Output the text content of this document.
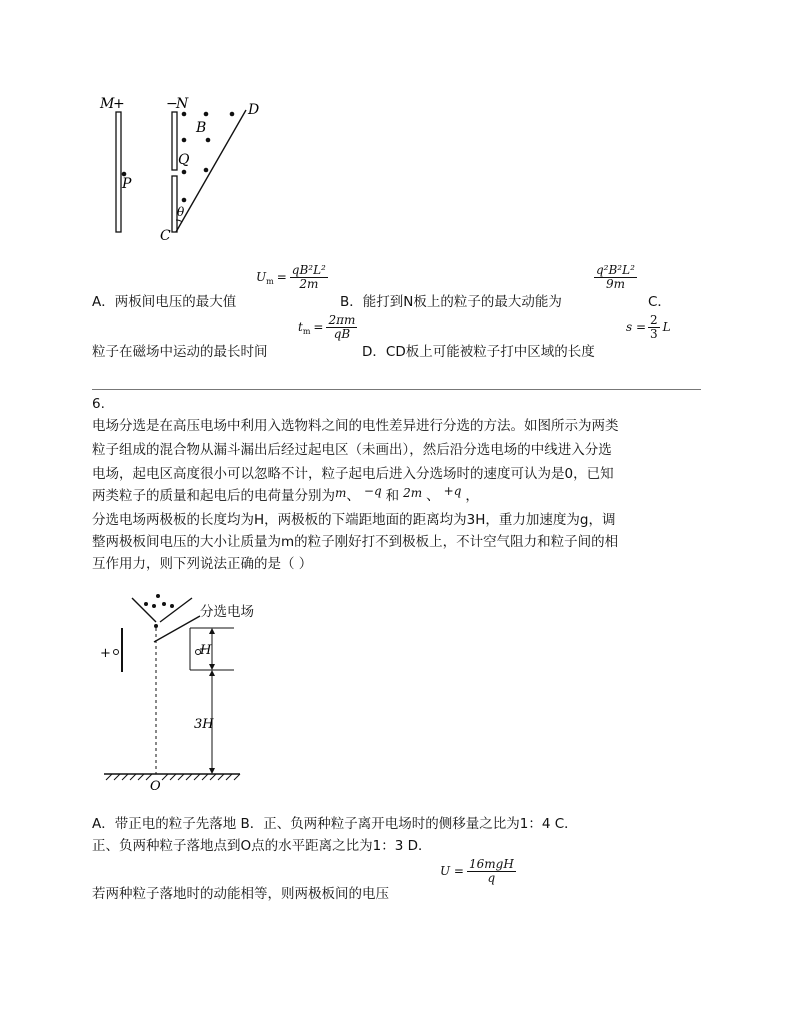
M
+	−
N	D
B
Q
P
θ
C
A．两板间电压的最大值
U $m = \frac{\text{qB²L²}}{2m}$
B．能打到N板上的粒子的最大动能为
$\frac{\text{q²B²L²}}{9m}$
C．
粒子在磁场中运动的最长时间
t $m = \frac{2\pi m}{qB}$
D．CD板上可能被粒子打中区域的长度
$s = \frac{2}{3}$ L
6.
电场分选是在高压电场中利用入选物料之间的电性差异进行分选的方法。如图所示为两类
粒子组成的混合物从漏斗漏出后经过起电区（未画出），然后沿分选电场的中线进入分选
电场，起电区高度很小可以忽略不计，粒子起电后进入分选场时的速度可认为是0，已知
两类粒子的质量和起电后的电荷量分别为m、 −q 和 2m 、 +q ，
分选电场两极板的长度均为H，两极板的下端距地面的距离均为3H，重力加速度为g，调
整两极板间电压的大小让质量为m的粒子刚好打不到极板上，不计空气阻力和粒子间的相
互作用力，则下列说法正确的是（ ）
+	H
3H
O
分选电场
A．带正电的粒子先落地 B．正、负两种粒子离开电场时的侧移量之比为1：4 C．
正、负两种粒子落地点到O点的水平距离之比为1：3 D．
若两种粒子落地时的动能相等，则两极板间的电压
$U = \frac{\text{16mgH}}{q}$
